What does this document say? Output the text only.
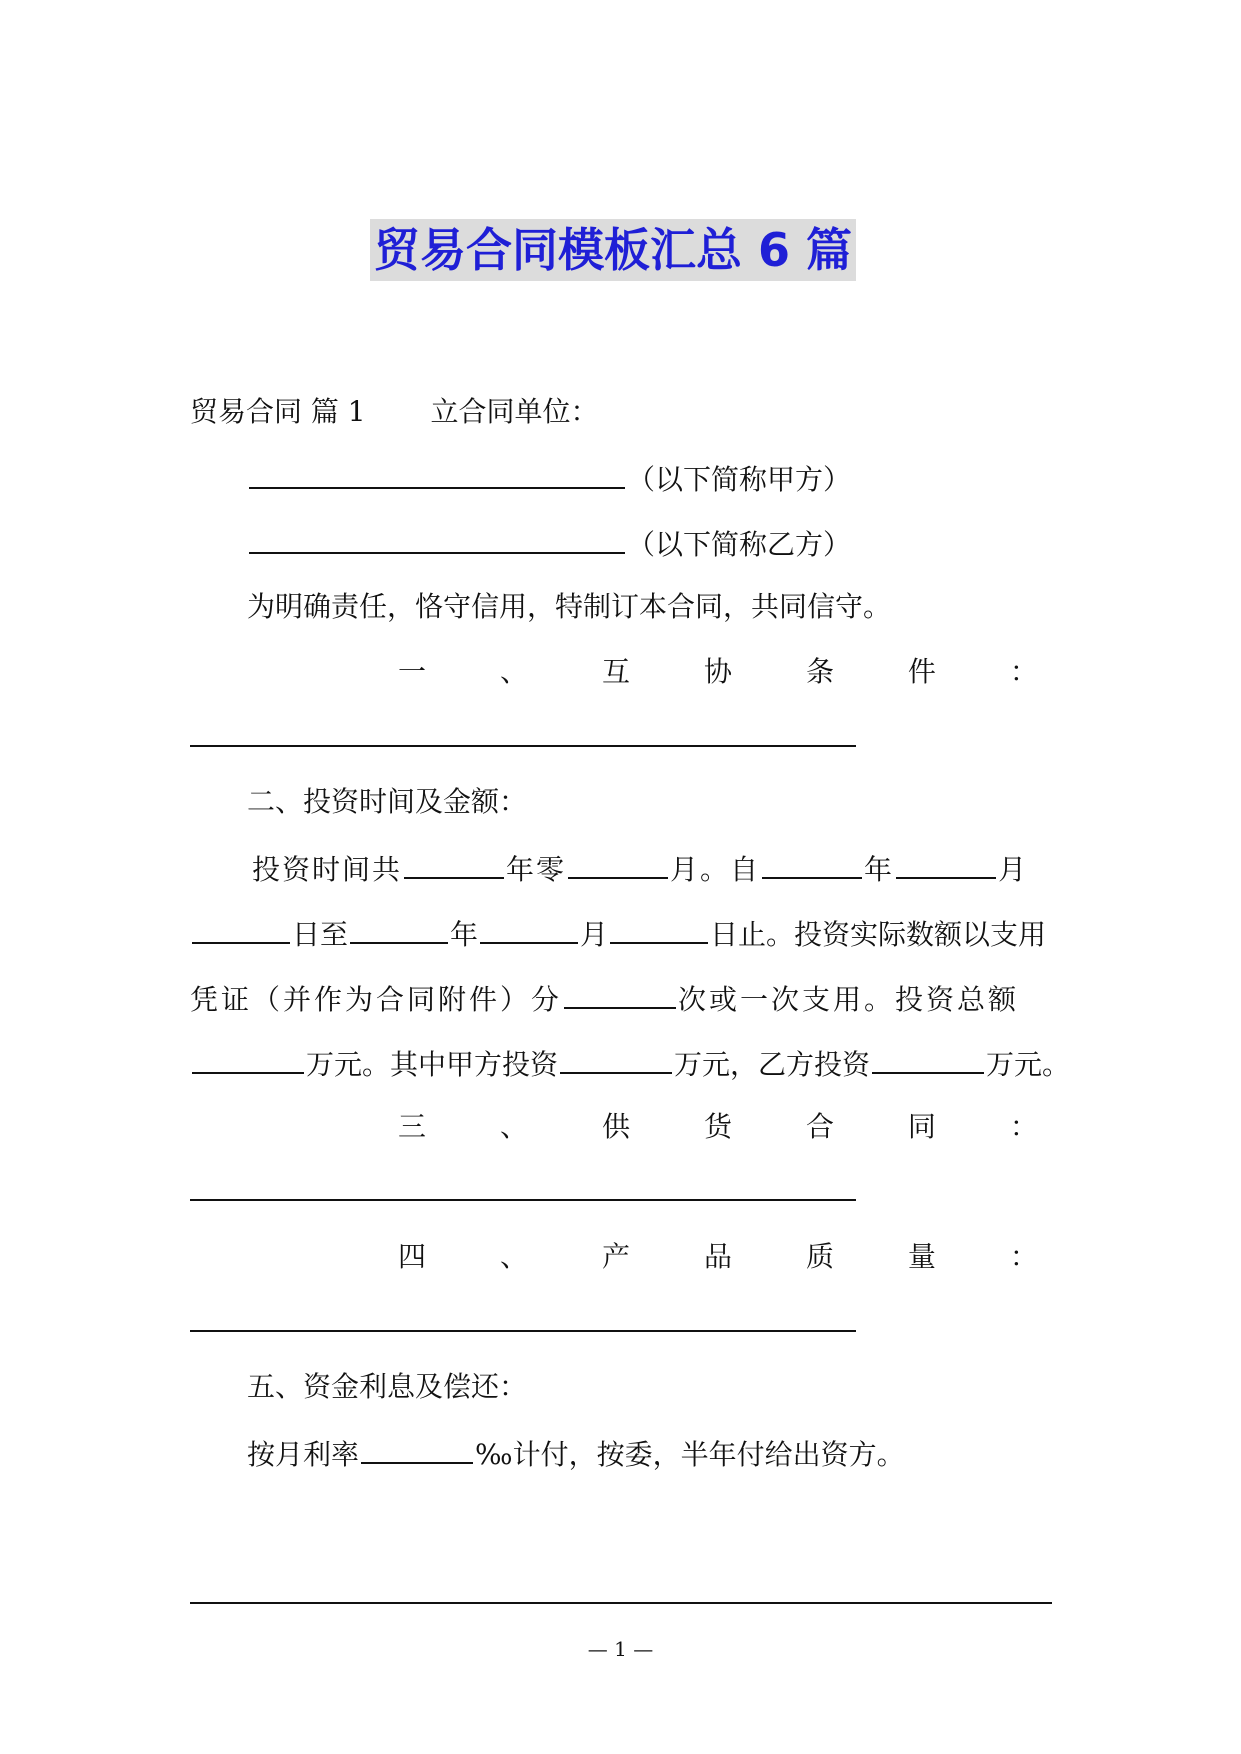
贸易合同模板汇总 6 篇
贸易合同 篇 1 立合同单位：
（以下简称甲方）
（以下简称乙方）
为明确责任，恪守信用，特制订本合同，共同信守。
一	、	互	协	条	件	：
二、投资时间及金额：
投资时间共	年零	月。自	年	月
日至	年	月	日止。投资实际数额以支用
凭证（并作为合同附件）分	次或一次支用。投资总额
万元。其中甲方投资	万元，乙方投资	万元。
三	、	供	货	合	同	：
四	、	产	品	质	量	：
五、资金利息及偿还：
按月利率	‰计付，按委，半年付给出资方。
— 1 —
